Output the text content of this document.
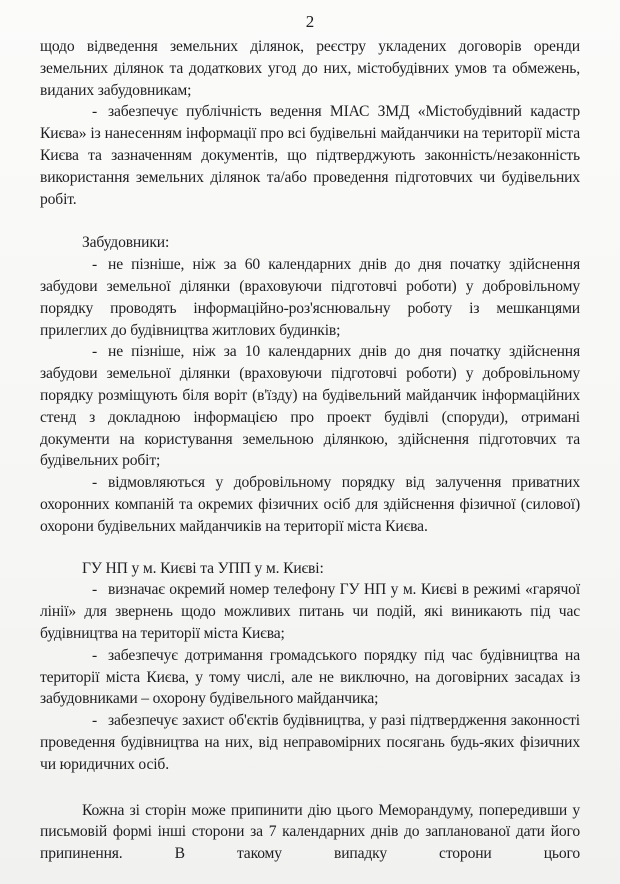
2

щодо відведення земельних ділянок, реєстру укладених договорів оренди земельних ділянок та додаткових угод до них, містобудівних умов та обмежень, виданих забудовникам;

- забезпечує публічність ведення МІАС ЗМД «Містобудівний кадастр Києва» із нанесенням інформації про всі будівельні майданчики на території міста Києва та зазначенням документів, що підтверджують законність/незаконність використання земельних ділянок та/або проведення підготовчих чи будівельних робіт.

Забудовники:

- не пізніше, ніж за 60 календарних днів до дня початку здійснення забудови земельної ділянки (враховуючи підготовчі роботи) у добровільному порядку проводять інформаційно-роз'яснювальну роботу із мешканцями прилеглих до будівництва житлових будинків;

- не пізніше, ніж за 10 календарних днів до дня початку здійснення забудови земельної ділянки (враховуючи підготовчі роботи) у добровільному порядку розміщують біля воріт (в'їзду) на будівельний майданчик інформаційних стенд з докладною інформацією про проект будівлі (споруди), отримані документи на користування земельною ділянкою, здійснення підготовчих та будівельних робіт;

- відмовляються у добровільному порядку від залучення приватних охоронних компаній та окремих фізичних осіб для здійснення фізичної (силової) охорони будівельних майданчиків на території міста Києва.

ГУ НП у м. Києві та УПП у м. Києві:

- визначає окремий номер телефону ГУ НП у м. Києві в режимі «гарячої лінії» для звернень щодо можливих питань чи подій, які виникають під час будівництва на території міста Києва;

- забезпечує дотримання громадського порядку під час будівництва на території міста Києва, у тому числі, але не виключно, на договірних засадах із забудовниками – охорону будівельного майданчика;

- забезпечує захист об'єктів будівництва, у разі підтвердження законності проведення будівництва на них, від неправомірних посягань будь-яких фізичних чи юридичних осіб.

Кожна зі сторін може припинити дію цього Меморандуму, попередивши у письмовій формі інші сторони за 7 календарних днів до запланованої дати його припинення. В такому випадку сторони цього
